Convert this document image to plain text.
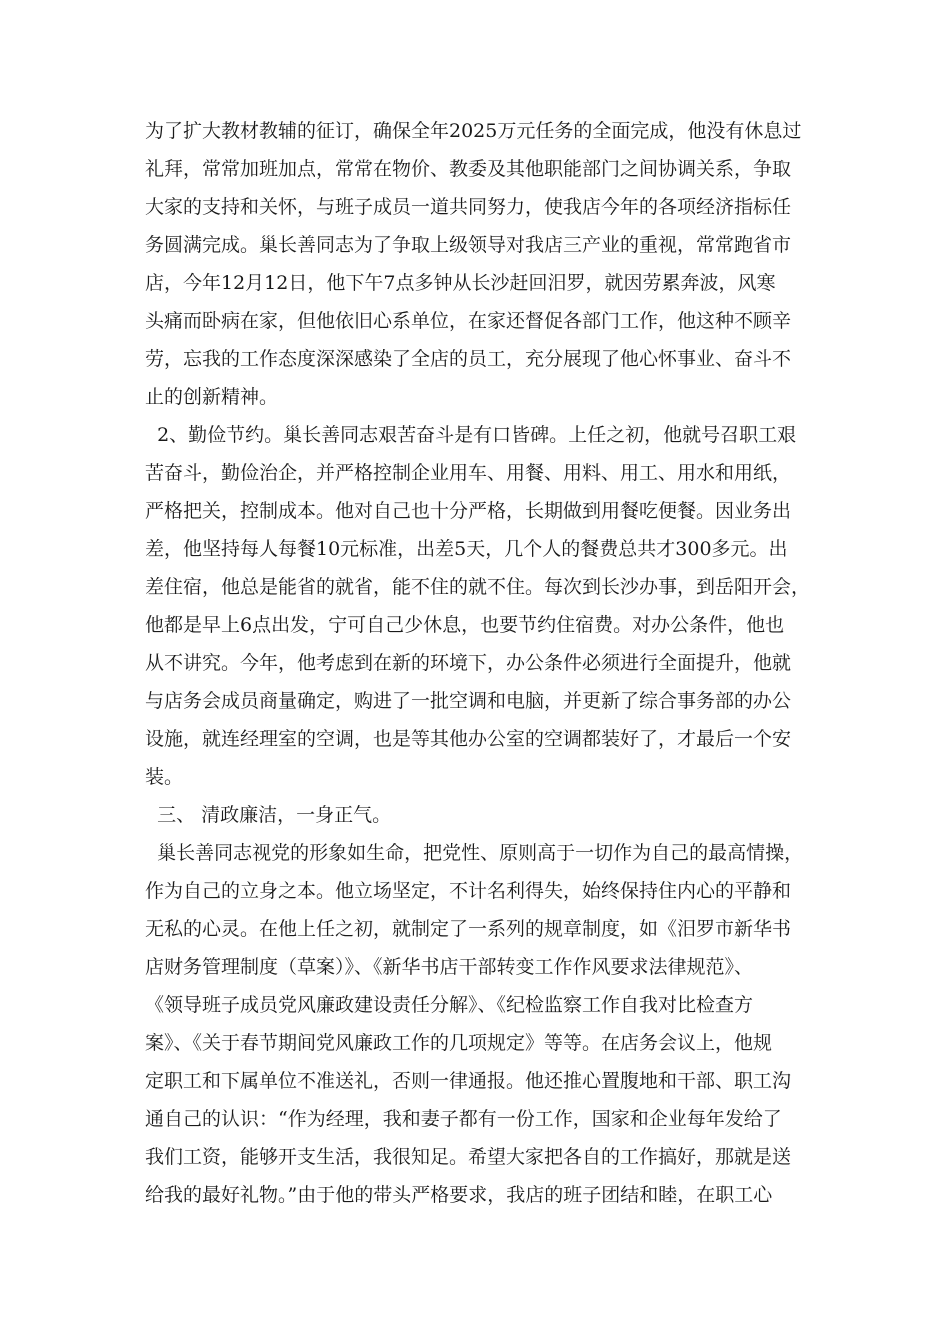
为了扩大教材教辅的征订，确保全年2025万元任务的全面完成，他没有休息过
礼拜，常常加班加点，常常在物价、教委及其他职能部门之间协调关系，争取
大家的支持和关怀，与班子成员一道共同努力，使我店今年的各项经济指标任
务圆满完成。巢长善同志为了争取上级领导对我店三产业的重视，常常跑省市
店，今年12月12日，他下午7点多钟从长沙赶回汨罗，就因劳累奔波，风寒
头痛而卧病在家，但他依旧心系单位，在家还督促各部门工作，他这种不顾辛
劳，忘我的工作态度深深感染了全店的员工，充分展现了他心怀事业、奋斗不
止的创新精神。
2、勤俭节约。巢长善同志艰苦奋斗是有口皆碑。上任之初，他就号召职工艰
苦奋斗，勤俭治企，并严格控制企业用车、用餐、用料、用工、用水和用纸，
严格把关，控制成本。他对自己也十分严格，长期做到用餐吃便餐。因业务出
差，他坚持每人每餐10元标准，出差5天，几个人的餐费总共才300多元。出
差住宿，他总是能省的就省，能不住的就不住。每次到长沙办事，到岳阳开会，
他都是早上6点出发，宁可自己少休息，也要节约住宿费。对办公条件，他也
从不讲究。今年，他考虑到在新的环境下，办公条件必须进行全面提升，他就
与店务会成员商量确定，购进了一批空调和电脑，并更新了综合事务部的办公
设施，就连经理室的空调，也是等其他办公室的空调都装好了，才最后一个安
装。
三、 清政廉洁，一身正气。
巢长善同志视党的形象如生命，把党性、原则高于一切作为自己的最高情操，
作为自己的立身之本。他立场坚定，不计名利得失，始终保持住内心的平静和
无私的心灵。在他上任之初，就制定了一系列的规章制度，如《汨罗市新华书
店财务管理制度（草案）》、《新华书店干部转变工作作风要求法律规范》、
《领导班子成员党风廉政建设责任分解》、《纪检监察工作自我对比检查方
案》、《关于春节期间党风廉政工作的几项规定》等等。在店务会议上，他规
定职工和下属单位不准送礼，否则一律通报。他还推心置腹地和干部、职工沟
通自己的认识：“作为经理，我和妻子都有一份工作，国家和企业每年发给了
我们工资，能够开支生活，我很知足。希望大家把各自的工作搞好，那就是送
给我的最好礼物。”由于他的带头严格要求，我店的班子团结和睦，在职工心
